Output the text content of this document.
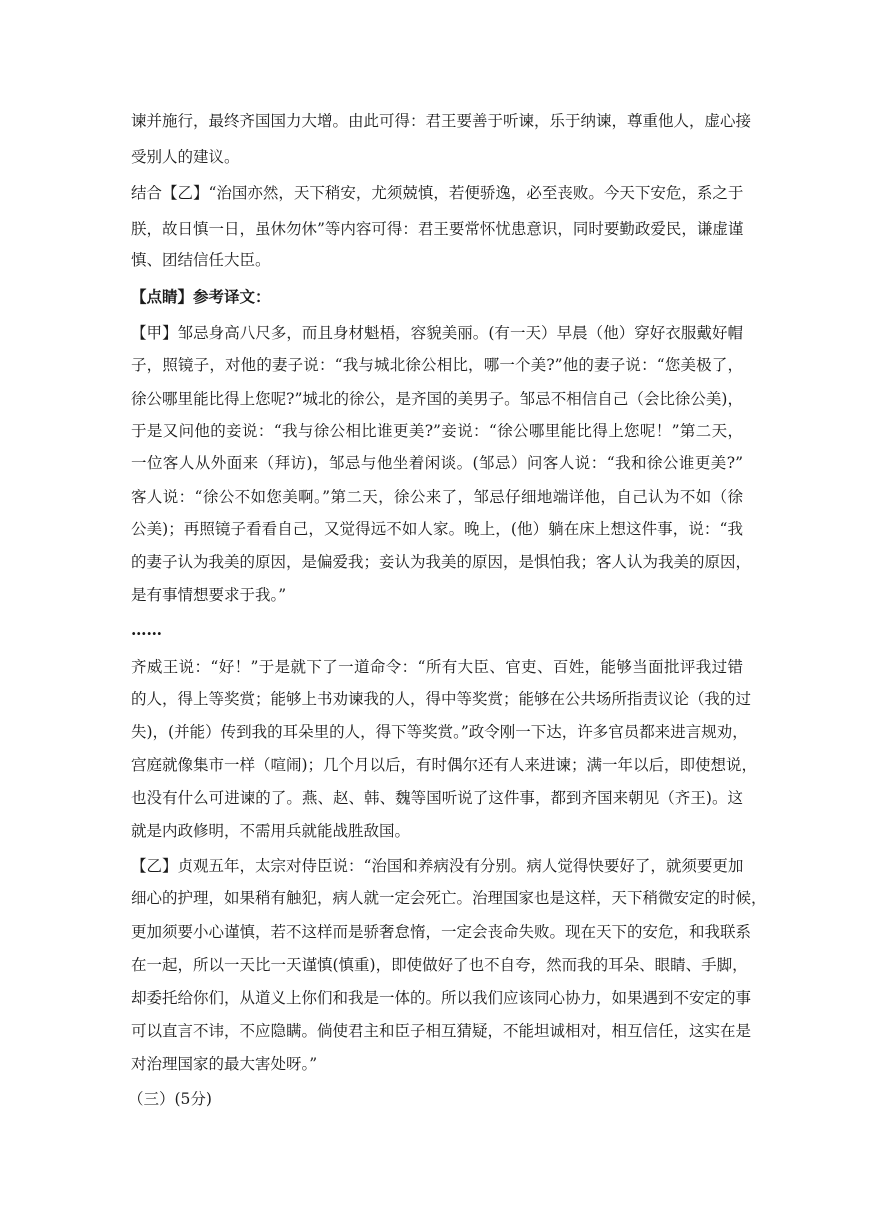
谏并施行，最终齐国国力大增。由此可得：君王要善于听谏，乐于纳谏，尊重他人，虚心接
受别人的建议。
结合【乙】“治国亦然，天下稍安，尤须兢慎，若便骄逸，必至丧败。今天下安危，系之于
朕，故日慎一日，虽休勿休”等内容可得：君王要常怀忧患意识，同时要勤政爱民，谦虚谨
慎、团结信任大臣。
【点睛】参考译文：
【甲】邹忌身高八尺多，而且身材魁梧，容貌美丽。(有一天）早晨（他）穿好衣服戴好帽
子，照镜子，对他的妻子说：“我与城北徐公相比，哪一个美?”他的妻子说：“您美极了，
徐公哪里能比得上您呢?”城北的徐公，是齐国的美男子。邹忌不相信自己（会比徐公美)，
于是又问他的妾说：“我与徐公相比谁更美?”妾说：“徐公哪里能比得上您呢！”第二天，
一位客人从外面来（拜访)，邹忌与他坐着闲谈。(邹忌）问客人说：“我和徐公谁更美?”
客人说：“徐公不如您美啊。”第二天，徐公来了，邹忌仔细地端详他，自己认为不如（徐
公美)；再照镜子看看自己，又觉得远不如人家。晚上，(他）躺在床上想这件事，说：“我
的妻子认为我美的原因，是偏爱我；妾认为我美的原因，是惧怕我；客人认为我美的原因，
是有事情想要求于我。”
……
齐威王说：“好！”于是就下了一道命令：“所有大臣、官吏、百姓，能够当面批评我过错
的人，得上等奖赏；能够上书劝谏我的人，得中等奖赏；能够在公共场所指责议论（我的过
失)，(并能）传到我的耳朵里的人，得下等奖赏。”政令刚一下达，许多官员都来进言规劝，
宫庭就像集市一样（喧闹)；几个月以后，有时偶尔还有人来进谏；满一年以后，即使想说，
也没有什么可进谏的了。燕、赵、韩、魏等国听说了这件事，都到齐国来朝见（齐王)。这
就是内政修明，不需用兵就能战胜敌国。
【乙】贞观五年，太宗对侍臣说：“治国和养病没有分别。病人觉得快要好了，就须要更加
细心的护理，如果稍有触犯，病人就一定会死亡。治理国家也是这样，天下稍微安定的时候，
更加须要小心谨慎，若不这样而是骄奢怠惰，一定会丧命失败。现在天下的安危，和我联系
在一起，所以一天比一天谨慎(慎重)，即使做好了也不自夸，然而我的耳朵、眼睛、手脚，
却委托给你们，从道义上你们和我是一体的。所以我们应该同心协力，如果遇到不安定的事
可以直言不讳，不应隐瞒。倘使君主和臣子相互猜疑，不能坦诚相对，相互信任，这实在是
对治理国家的最大害处呀。”
（三）(5分)
